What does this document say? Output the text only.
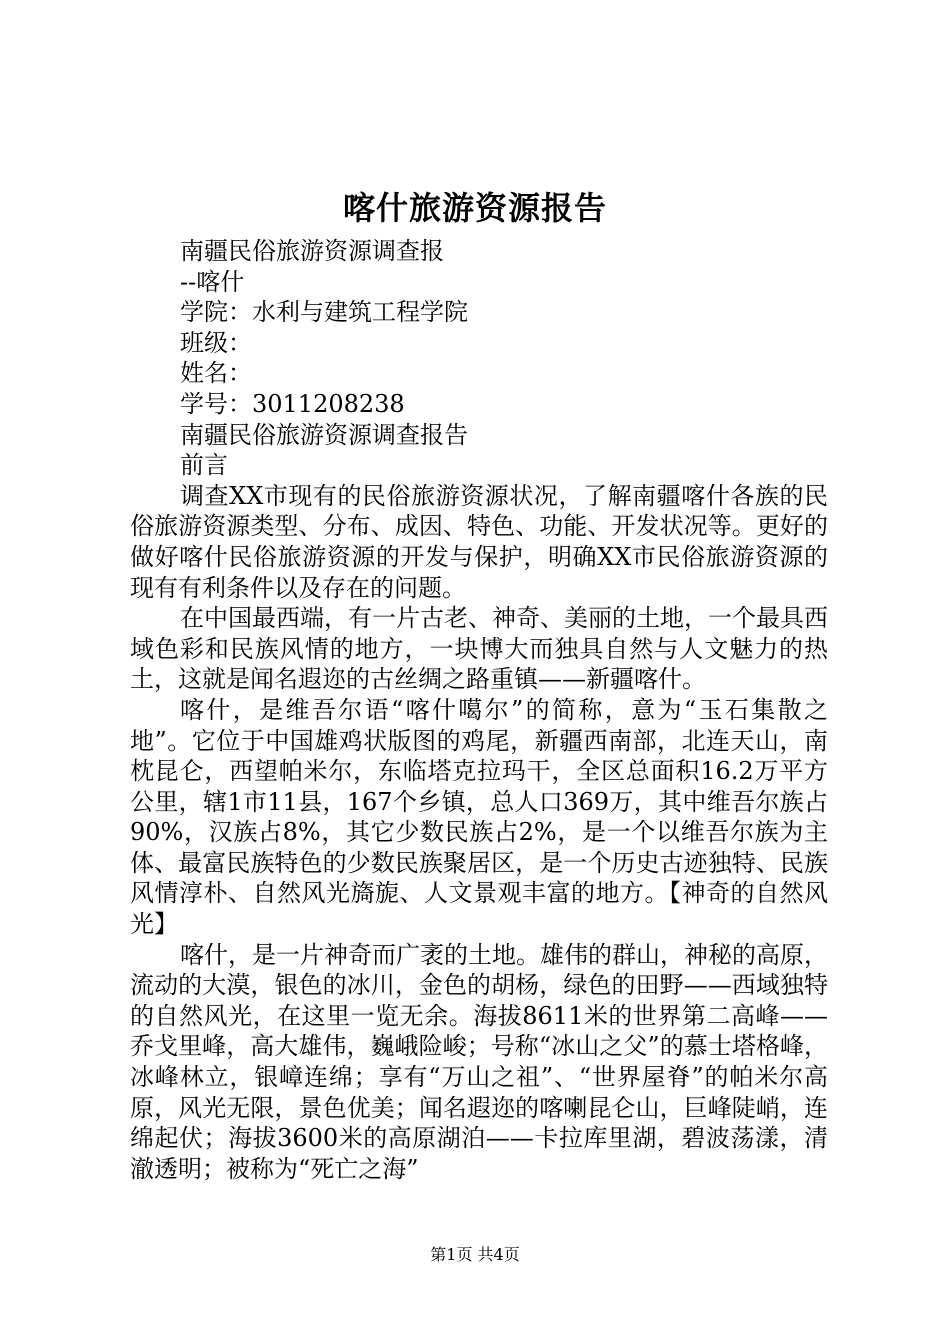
喀什旅游资源报告

南疆民俗旅游资源调查报

--喀什

学院：水利与建筑工程学院

班级：

姓名：

学号：3011208238

南疆民俗旅游资源调查报告

前言

调查XX市现有的民俗旅游资源状况，了解南疆喀什各族的民俗旅游资源类型、分布、成因、特色、功能、开发状况等。更好的做好喀什民俗旅游资源的开发与保护，明确XX市民俗旅游资源的现有有利条件以及存在的问题。

在中国最西端，有一片古老、神奇、美丽的土地，一个最具西域色彩和民族风情的地方，一块博大而独具自然与人文魅力的热土，这就是闻名遐迩的古丝绸之路重镇——新疆喀什。

喀什，是维吾尔语“喀什噶尔”的简称，意为“玉石集散之地”。它位于中国雄鸡状版图的鸡尾，新疆西南部，北连天山，南枕昆仑，西望帕米尔，东临塔克拉玛干，全区总面积16.2万平方公里，辖1市11县，167个乡镇，总人口369万，其中维吾尔族占90%，汉族占8%，其它少数民族占2%，是一个以维吾尔族为主体、最富民族特色的少数民族聚居区，是一个历史古迹独特、民族风情淳朴、自然风光旖旎、人文景观丰富的地方。【神奇的自然风光】

喀什，是一片神奇而广袤的土地。雄伟的群山，神秘的高原，流动的大漠，银色的冰川，金色的胡杨，绿色的田野——西域独特的自然风光，在这里一览无余。海拔8611米的世界第二高峰——乔戈里峰，高大雄伟，巍峨险峻；号称“冰山之父”的慕士塔格峰，冰峰林立，银嶂连绵；享有“万山之祖”、“世界屋脊”的帕米尔高原，风光无限，景色优美；闻名遐迩的喀喇昆仑山，巨峰陡峭，连绵起伏；海拔3600米的高原湖泊——卡拉库里湖，碧波荡漾，清澈透明；被称为“死亡之海”

第1页 共4页
